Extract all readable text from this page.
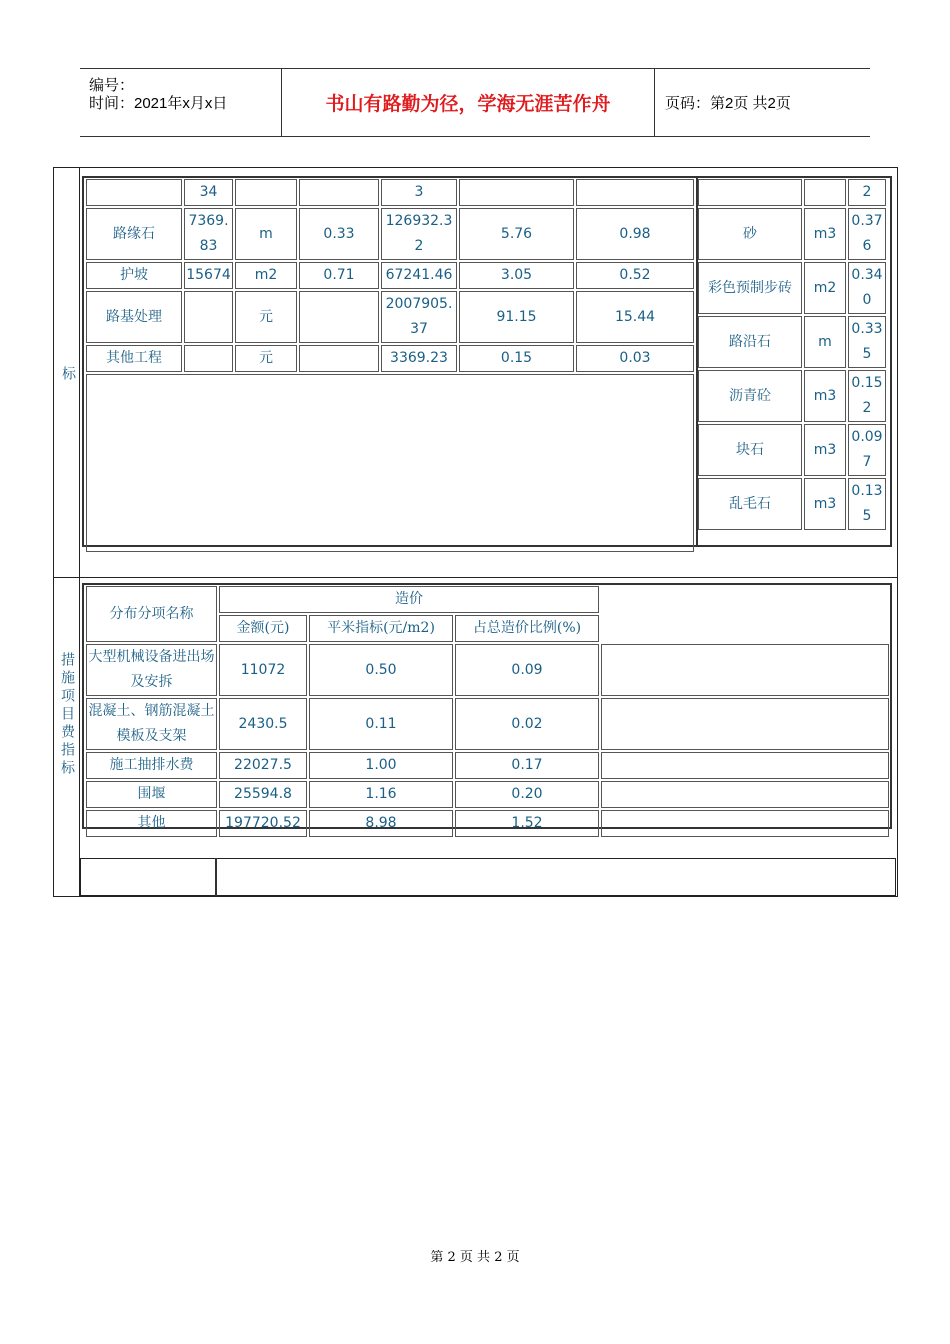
编号：
时间：2021年x月x日	书山有路勤为径，学海无涯苦作舟	页码：第2页 共2页
标
	34			3		
路缘石	7369.83	m	0.33	126932.32	5.76	0.98
护坡	15674	m2	0.71	67241.46	3.05	0.52
路基处理		元		2007905.37	91.15	15.44
其他工程		元		3369.23	0.15	0.03

		2
砂	m3	0.376
彩色预制步砖	m2	0.340
路沿石	m	0.335
沥青砼	m3	0.152
块石	m3	0.097
乱毛石	m3	0.135
措施项目费指标
分布分项名称	造价			
	金额(元)	平米指标(元/m2)	占总造价比例(%)	
大型机械设备进出场及安拆	11072	0.50	0.09	
混凝土、钢筋混凝土模板及支架	2430.5	0.11	0.02	
施工抽排水费	22027.5	1.00	0.17	
围堰	25594.8	1.16	0.20	
其他	197720.52	8.98	1.52	
第 2 页 共 2 页
